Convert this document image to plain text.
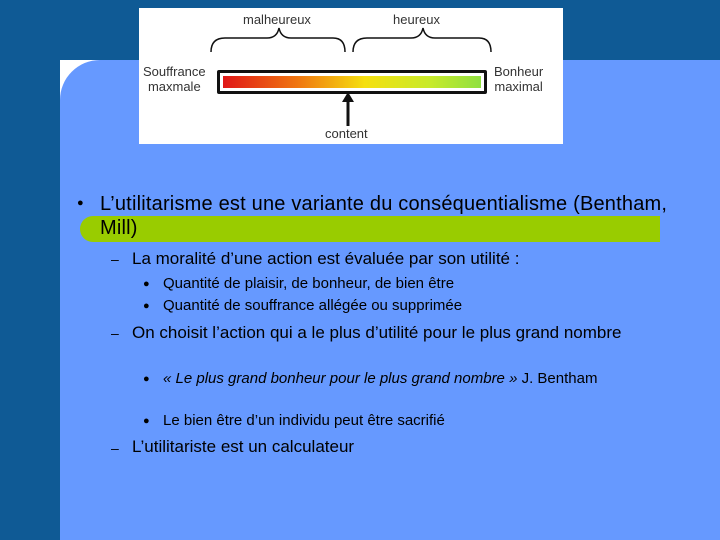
malheureux	heureux
Souffrance
maxmale
Bonheur
maximal
content
● L’utilitarisme est une variante du conséquentialisme (Bentham, Mill)
– La moralité d’une action est évaluée par son utilité :
● Quantité de plaisir, de bonheur, de bien être
● Quantité de souffrance allégée ou supprimée
– On choisit l’action qui a le plus d’utilité pour le plus grand nombre
● « Le plus grand bonheur pour le plus grand nombre » J. Bentham
● Le bien être d’un individu peut être sacrifié
– L’utilitariste est un calculateur
